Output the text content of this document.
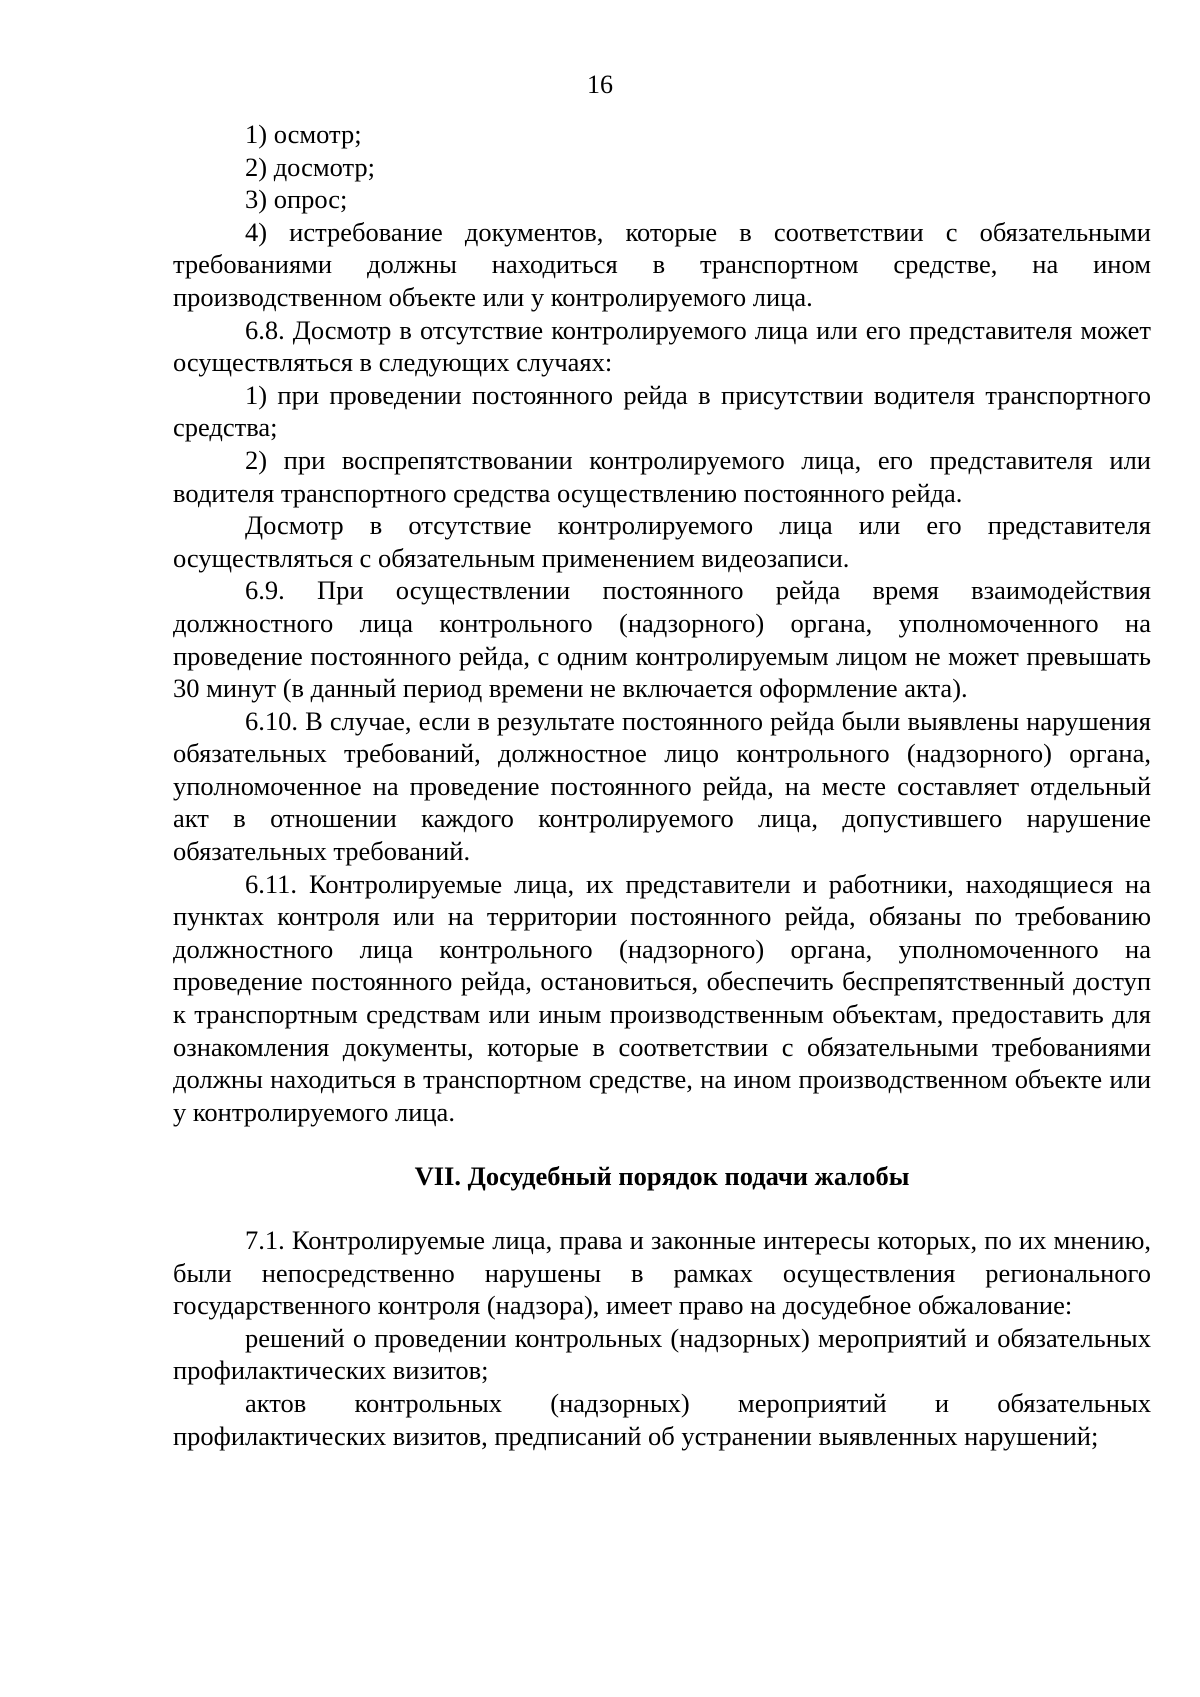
16

1) осмотр;

2) досмотр;

3) опрос;

4) истребование документов, которые в соответствии с обязательными требованиями должны находиться в транспортном средстве, на ином производственном объекте или у контролируемого лица.

6.8. Досмотр в отсутствие контролируемого лица или его представителя может осуществляться в следующих случаях:

1) при проведении постоянного рейда в присутствии водителя транспортного средства;

2) при воспрепятствовании контролируемого лица, его представителя или водителя транспортного средства осуществлению постоянного рейда.

Досмотр в отсутствие контролируемого лица или его представителя осуществляться с обязательным применением видеозаписи.

6.9. При осуществлении постоянного рейда время взаимодействия должностного лица контрольного (надзорного) органа, уполномоченного на проведение постоянного рейда, с одним контролируемым лицом не может превышать 30 минут (в данный период времени не включается оформление акта).

6.10. В случае, если в результате постоянного рейда были выявлены нарушения обязательных требований, должностное лицо контрольного (надзорного) органа, уполномоченное на проведение постоянного рейда, на месте составляет отдельный акт в отношении каждого контролируемого лица, допустившего нарушение обязательных требований.

6.11. Контролируемые лица, их представители и работники, находящиеся на пунктах контроля или на территории постоянного рейда, обязаны по требованию должностного лица контрольного (надзорного) органа, уполномоченного на проведение постоянного рейда, остановиться, обеспечить беспрепятственный доступ к транспортным средствам или иным производственным объектам, предоставить для ознакомления документы, которые в соответствии с обязательными требованиями должны находиться в транспортном средстве, на ином производственном объекте или у контролируемого лица.

VII. Досудебный порядок подачи жалобы

7.1. Контролируемые лица, права и законные интересы которых, по их мнению, были непосредственно нарушены в рамках осуществления регионального государственного контроля (надзора), имеет право на досудебное обжалование:

решений о проведении контрольных (надзорных) мероприятий и обязательных профилактических визитов;

актов контрольных (надзорных) мероприятий и обязательных профилактических визитов, предписаний об устранении выявленных нарушений;
